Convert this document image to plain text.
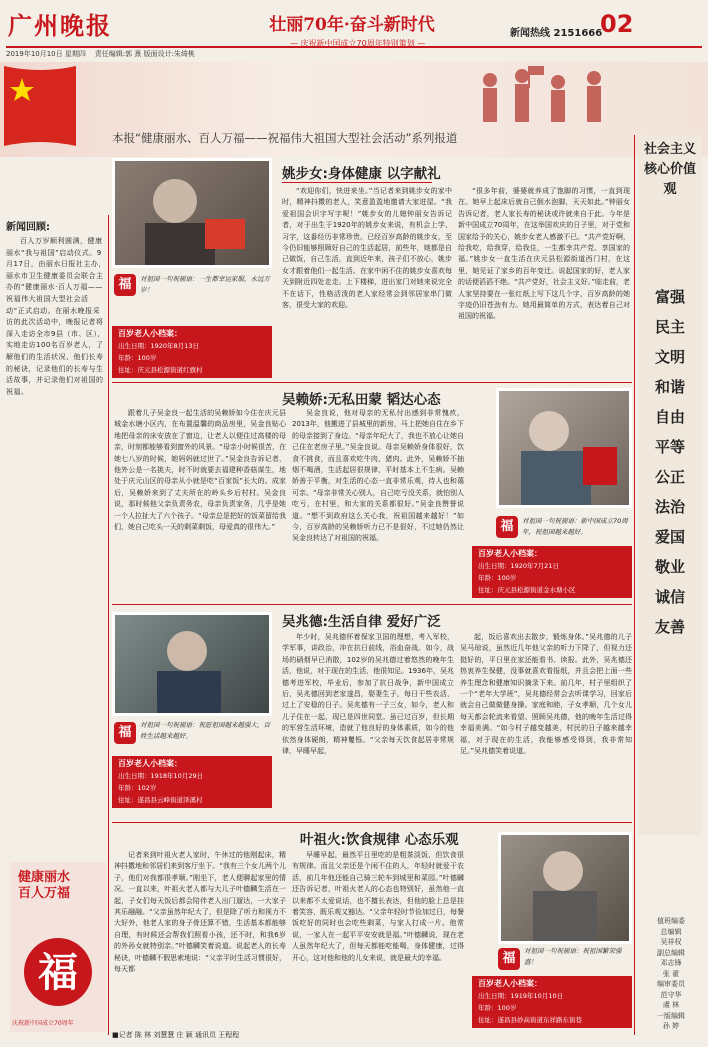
广州晚报	壮丽70年·奋斗新时代
— 庆祝新中国成立70周年特别策划 —
新闻热线 2151666
02
2019年10月10日 星期四 责任编辑:郭 熹 版面设计:朱绮桃
本报“健康丽水、百人万福——祝福伟大祖国大型社会活动”系列报道
社会主义核心价值观
富强
民主
文明
和谐
自由
平等
公正
法治
爱国
敬业
诚信
友善
值班编委
总编辑
吴祥权
副总编辑
邓志锋
张 翟
编审委员
范守华
虞 林
一版编辑
孙 婷
新闻回顾:
百人万岁顺利圆满，健康丽水“我与祖国”启动仪式。9月17日，由丽水日报社主办，丽水市卫生健康委员会联合主办的“健康丽水·百人万福——祝福伟大祖国大型社会活动”正式启动。在丽水晚报采访的此次活动中，晚报记者将深入走访全市9县（市、区），实地走访100名百岁老人，了解他们的生活状况、他们长寿的秘诀，记录他们的长寿与生活故事，并记录他们对祖国的祝福。
福
健康丽水
百人万福
庆祝新中国成立70周年
福	对祖国一句祝福语：一生都幸运家服，永远万岁！
百岁老人小档案：
出生日期：1920年8月13日
年龄：100岁
住址：庆元县松源街道红旗村
姚步女:身体健康 以字献礼
“欢迎你们，快进来坐。”当记者来到姚步女的家中时，精神抖擞的老人，笑意盈盈地邀请大家进屋。“我爱祖国会识字写字呢！”姚步女的儿媳钟丽女告诉记者，对于出生于1920年的姚步女来说，有机会上学、习字，这番经历非常珍贵。已经百岁高龄的姚步女，至今仍旧能够照顾好自己的生活起居，前些年，她都是自己做饭，自己生活，直到近年来，孩子们不放心，姚步女才跟着他们一起生活。在家中闲不住的姚步女喜欢每天到附近四处走走。上下楼梯，进出家门对她来说完全不在话下，性格活泼的老人家经常会到邻居家串门做客，很受大家的欢迎。
“很多年前，婆婆就养成了饱脚的习惯，一直到现在。她早上起床后就自己倒水泡脚，天天如此。”钟丽女告诉记者，老人家长寿的秘诀或许就来自于此。今年是新中国成立70周年，在这举国欢庆的日子里，对于党和国家给予的关心，姚步女老人感激不已。“共产党好啊，给我吃，给我穿，给我住，一生都幸共产党、享国家的福。”姚步女一直生活在庆元县松源街道西门村，在这里，她见证了家乡的百年变迁。说起国家的好，老人家的话便滔滔不绝。“共产党好，社会主义好。”临走前，老人家坚持要在一张红纸上写下这几个字，百岁高龄的她字迹仍旧苍劲有力。她用最简单的方式，表达着自己对祖国的祝福。
吴赖娇:无私田蒙 韬达心态
跟着儿子吴金良一起生活的吴赖娇如今住在庆元县城金水塘小区内，在布置温馨的商品房里，吴金良贴心地把母亲的床安放在了窗边，让老人以便住过高楼的母亲，时刻都能够看到窗外的风景。“母亲小时候很苦，在她七八岁的时候，她妈妈就过世了。”吴金良告诉记者，他外公是一名挑夫，时不时就要去福建种香菇谋生，地处于庆元山区的母亲从小就是吃“百家饭”长大的。成家后，吴赖娇来到了丈夫所在的岭头乡后村村。吴金良说，那时候他父亲负责务农，母亲负责家务，几乎是她一个人拉扯大了六个孩子。“母亲总是把好的饭菜留给我们，她自己吃头一天的剩菜剩饭，母爱真的很伟大。”
吴金良说，他对母亲的无私付出感到非常愧疚，2013年，他搬进了县城里的新房，马上把她自住在乡下的母亲接到了身边。“母亲年纪大了，我也不放心让她自己住在老房子里。”吴金良说。母亲吴赖娇身体很好，饮食不挑食，而且喜欢吃牛肉，猪肉。此外，吴赖娇不抽烟不喝酒，生活起居很规律，平时基本上不生病。吴赖娇善于平衡，对生活的心态一直非常乐观，待人也和蔼可亲。“母亲非常关心别人，自己吃亏没关系，就怕别人吃亏，在村里，和大家的关系都很好。”吴金良赞誉说道。“想不到政府这么关心我，祝祖国越来越好！”如今，百岁高龄的吴赖娇听力已不是很好，不过她仍然让吴金良转达了对祖国的祝福。
福	对祖国一句祝福语：新中国成立70周年，祝祖国越来越好。
百岁老人小档案：
出生日期：1920年7月21日
年龄：100岁
住址：庆元县松源街道金水塘小区
吴兆德:生活自律 爱好广泛
福	对祖国一句祝福语：祝愿祖国越来越强大，百姓生活越来越好。
百岁老人小档案：
出生日期：1918年10月29日
年龄：102岁
住址：遂昌县云峰街道泽溪村
年少时，吴兆德怀着保家卫国的理想，考入军校，学军事，讲政治，冲在抗日前线，浴血奋战。如今，战场的硝烟早已消散，102岁的吴兆德过着悠然的晚年生活，他说，对于现在的生活，他很知足。1936年，吴兆德考进军校，毕业后，参加了抗日战争，新中国成立后，吴兆德回到老家遂昌，娶妻生子，每日干些农活，过上了安稳的日子。吴兆德有一子三女，如今，老人和儿子住在一起，现已是四世同堂。虽已过百岁，但长期的军营生活环境，造就了他良好的身体素质，如今的他依然身体硬朗，精神矍铄。“父亲每天饮食起居非常规律，早睡早起，
起，饭后喜欢出去散步，锻炼身体。”吴兆德的儿子吴马琼说，虽然近几年他父亲的听力下降了，但视力还挺好的，平日里在家还能看书、读报。此外，吴兆德还热衷养生保健，没事就喜欢看报纸，并且会把上面一些养生理念和健康知识摘录下来。前几年，村子里组织了一个“老年大学班”，吴兆德经常会去听课学习，回家后就会自己做做健身操。家庭和睦，子女孝顺，几个女儿每天都会轮流来看望、照顾吴兆德，他的晚年生活过得幸福美满。“如今村子越变越美，村民的日子越来越幸福，对于现在的生活，我能够感受得到，我非常知足。”吴兆德笑着说道。
叶祖火:饮食规律 心态乐观
记者来到叶祖火老人家时，午休过的他刚起床，精神抖擞地和邻居们来到客厅坐下。“我有三个女儿两个儿子，他们对我都很孝顺。”刚坐下，老人便聊起家里的情况。一直以来，叶祖火老人都与大儿子叶德麟生活在一起，子女们每天饭后都会陪伴老人出门遛达，一大家子其乐融融。“父亲虽然年纪大了，但是除了听力和视力不大好外，他老人家的身子骨还算不错，生活基本都能够自理，有时候还会帮我们照看小孩，还不时，和我6岁的外孙女就特别亲。”叶德麟笑着说道。说起老人的长寿秘诀，叶德麟不假思索地说：“父亲平时生活习惯很好，每天都
早睡早起，最然平日里吃的是粗茶淡饭，但饮食很有规律。而且父亲还是个闲不住的人，年轻时就爱干农活，前几年他还能自己骑三轮车到城里和菜园。”叶德麟还告诉记者，叶祖火老人的心态也特别好，虽然他一直以来都不太爱说话，也不擅长表达，但他的脸上总是挂着笑容，既乐观又豁达。“父亲年轻时节俭加过日，每餐饭吃好的同时也会吃些剩菜，与家人打成一片。他常说，一家人在一起平平安安就是福。”叶德麟说，现在老人虽然年纪大了，但每天都能吃能喝，身体健康，过得开心，这对他和他的儿女来说，就是最大的幸福。	福	对祖国一句祝福语：祝祖国繁荣强盛！
百岁老人小档案：
出生日期：1919年10月10日
年龄：100岁
住址：遂昌县妙高街道东祥路东街巷
■记者 陈 林 刘慧慧 庄 颖 通讯员 王程程
